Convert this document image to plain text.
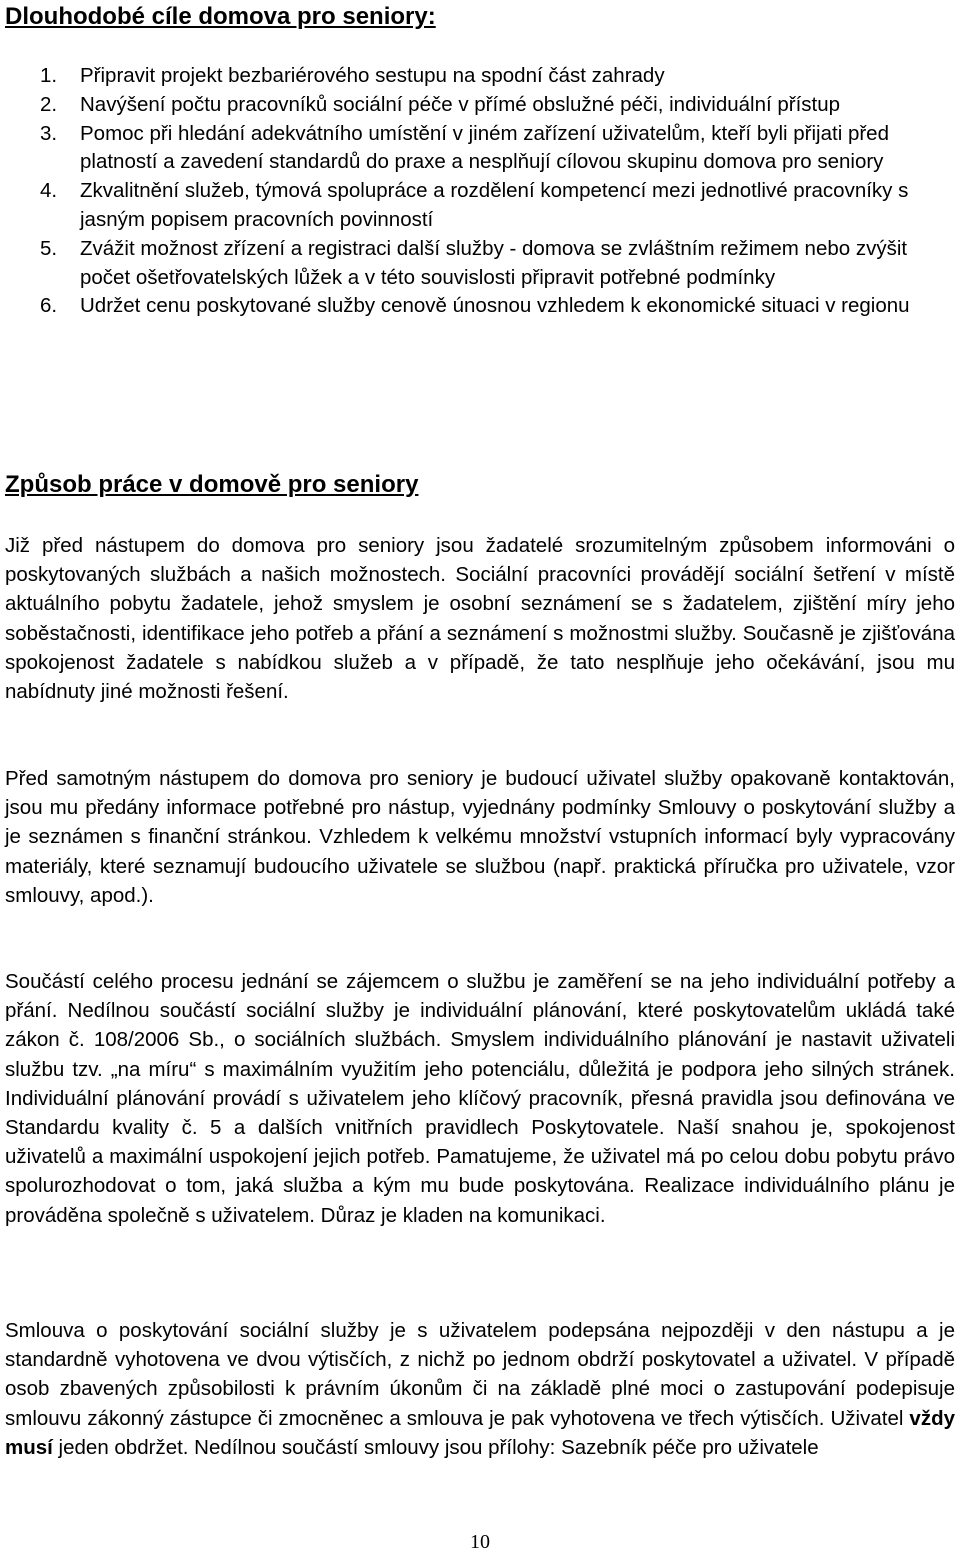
Dlouhodobé cíle domova pro seniory:
1. Připravit projekt bezbariérového sestupu na spodní část zahrady
2. Navýšení počtu pracovníků sociální péče v přímé obslužné péči, individuální přístup
3. Pomoc při hledání adekvátního umístění v jiném zařízení uživatelům, kteří byli přijati před platností a zavedení standardů do praxe a nesplňují cílovou skupinu domova pro seniory
4. Zkvalitnění služeb, týmová spolupráce a rozdělení kompetencí mezi jednotlivé pracovníky s jasným popisem pracovních povinností
5. Zvážit možnost zřízení a registraci další služby - domova se zvláštním režimem nebo zvýšit počet ošetřovatelských lůžek a v této souvislosti připravit potřebné podmínky
6. Udržet cenu poskytované služby cenově únosnou vzhledem k ekonomické situaci v regionu
Způsob práce v domově pro seniory

Již před nástupem do domova pro seniory jsou žadatelé srozumitelným způsobem informováni o poskytovaných službách a našich možnostech. Sociální pracovníci provádějí sociální šetření v místě aktuálního pobytu žadatele, jehož smyslem je osobní seznámení se s žadatelem, zjištění míry jeho soběstačnosti, identifikace jeho potřeb a přání a seznámení s možnostmi služby. Současně je zjišťována spokojenost žadatele s nabídkou služeb a v případě, že tato nesplňuje jeho očekávání, jsou mu nabídnuty jiné možnosti řešení.

Před samotným nástupem do domova pro seniory je budoucí uživatel služby opakovaně kontaktován, jsou mu předány informace potřebné pro nástup, vyjednány podmínky Smlouvy o poskytování služby a je seznámen s finanční stránkou. Vzhledem k velkému množství vstupních informací byly vypracovány materiály, které seznamují budoucího uživatele se službou (např. praktická příručka pro uživatele, vzor smlouvy, apod.).

Součástí celého procesu jednání se zájemcem o službu je zaměření se na jeho individuální potřeby a přání. Nedílnou součástí sociální služby je individuální plánování, které poskytovatelům ukládá také zákon č. 108/2006 Sb., o sociálních službách. Smyslem individuálního plánování je nastavit uživateli službu tzv. „na míru“ s maximálním využitím jeho potenciálu, důležitá je podpora jeho silných stránek. Individuální plánování provádí s uživatelem jeho klíčový pracovník, přesná pravidla jsou definována ve Standardu kvality č. 5 a dalších vnitřních pravidlech Poskytovatele. Naší snahou je, spokojenost uživatelů a maximální uspokojení jejich potřeb. Pamatujeme, že uživatel má po celou dobu pobytu právo spolurozhodovat o tom, jaká služba a kým mu bude poskytována. Realizace individuálního plánu je prováděna společně s uživatelem. Důraz je kladen na komunikaci.

Smlouva o poskytování sociální služby je s uživatelem podepsána nejpozději v den nástupu a je standardně vyhotovena ve dvou výtisčích, z nichž po jednom obdrží poskytovatel a uživatel. V případě osob zbavených způsobilosti k právním úkonům či na základě plné moci o zastupování podepisuje smlouvu zákonný zástupce či zmocněnec a smlouva je pak vyhotovena ve třech výtisčích. Uživatel vždy musí jeden obdržet. Nedílnou součástí smlouvy jsou přílohy: Sazebník péče pro uživatele

10
